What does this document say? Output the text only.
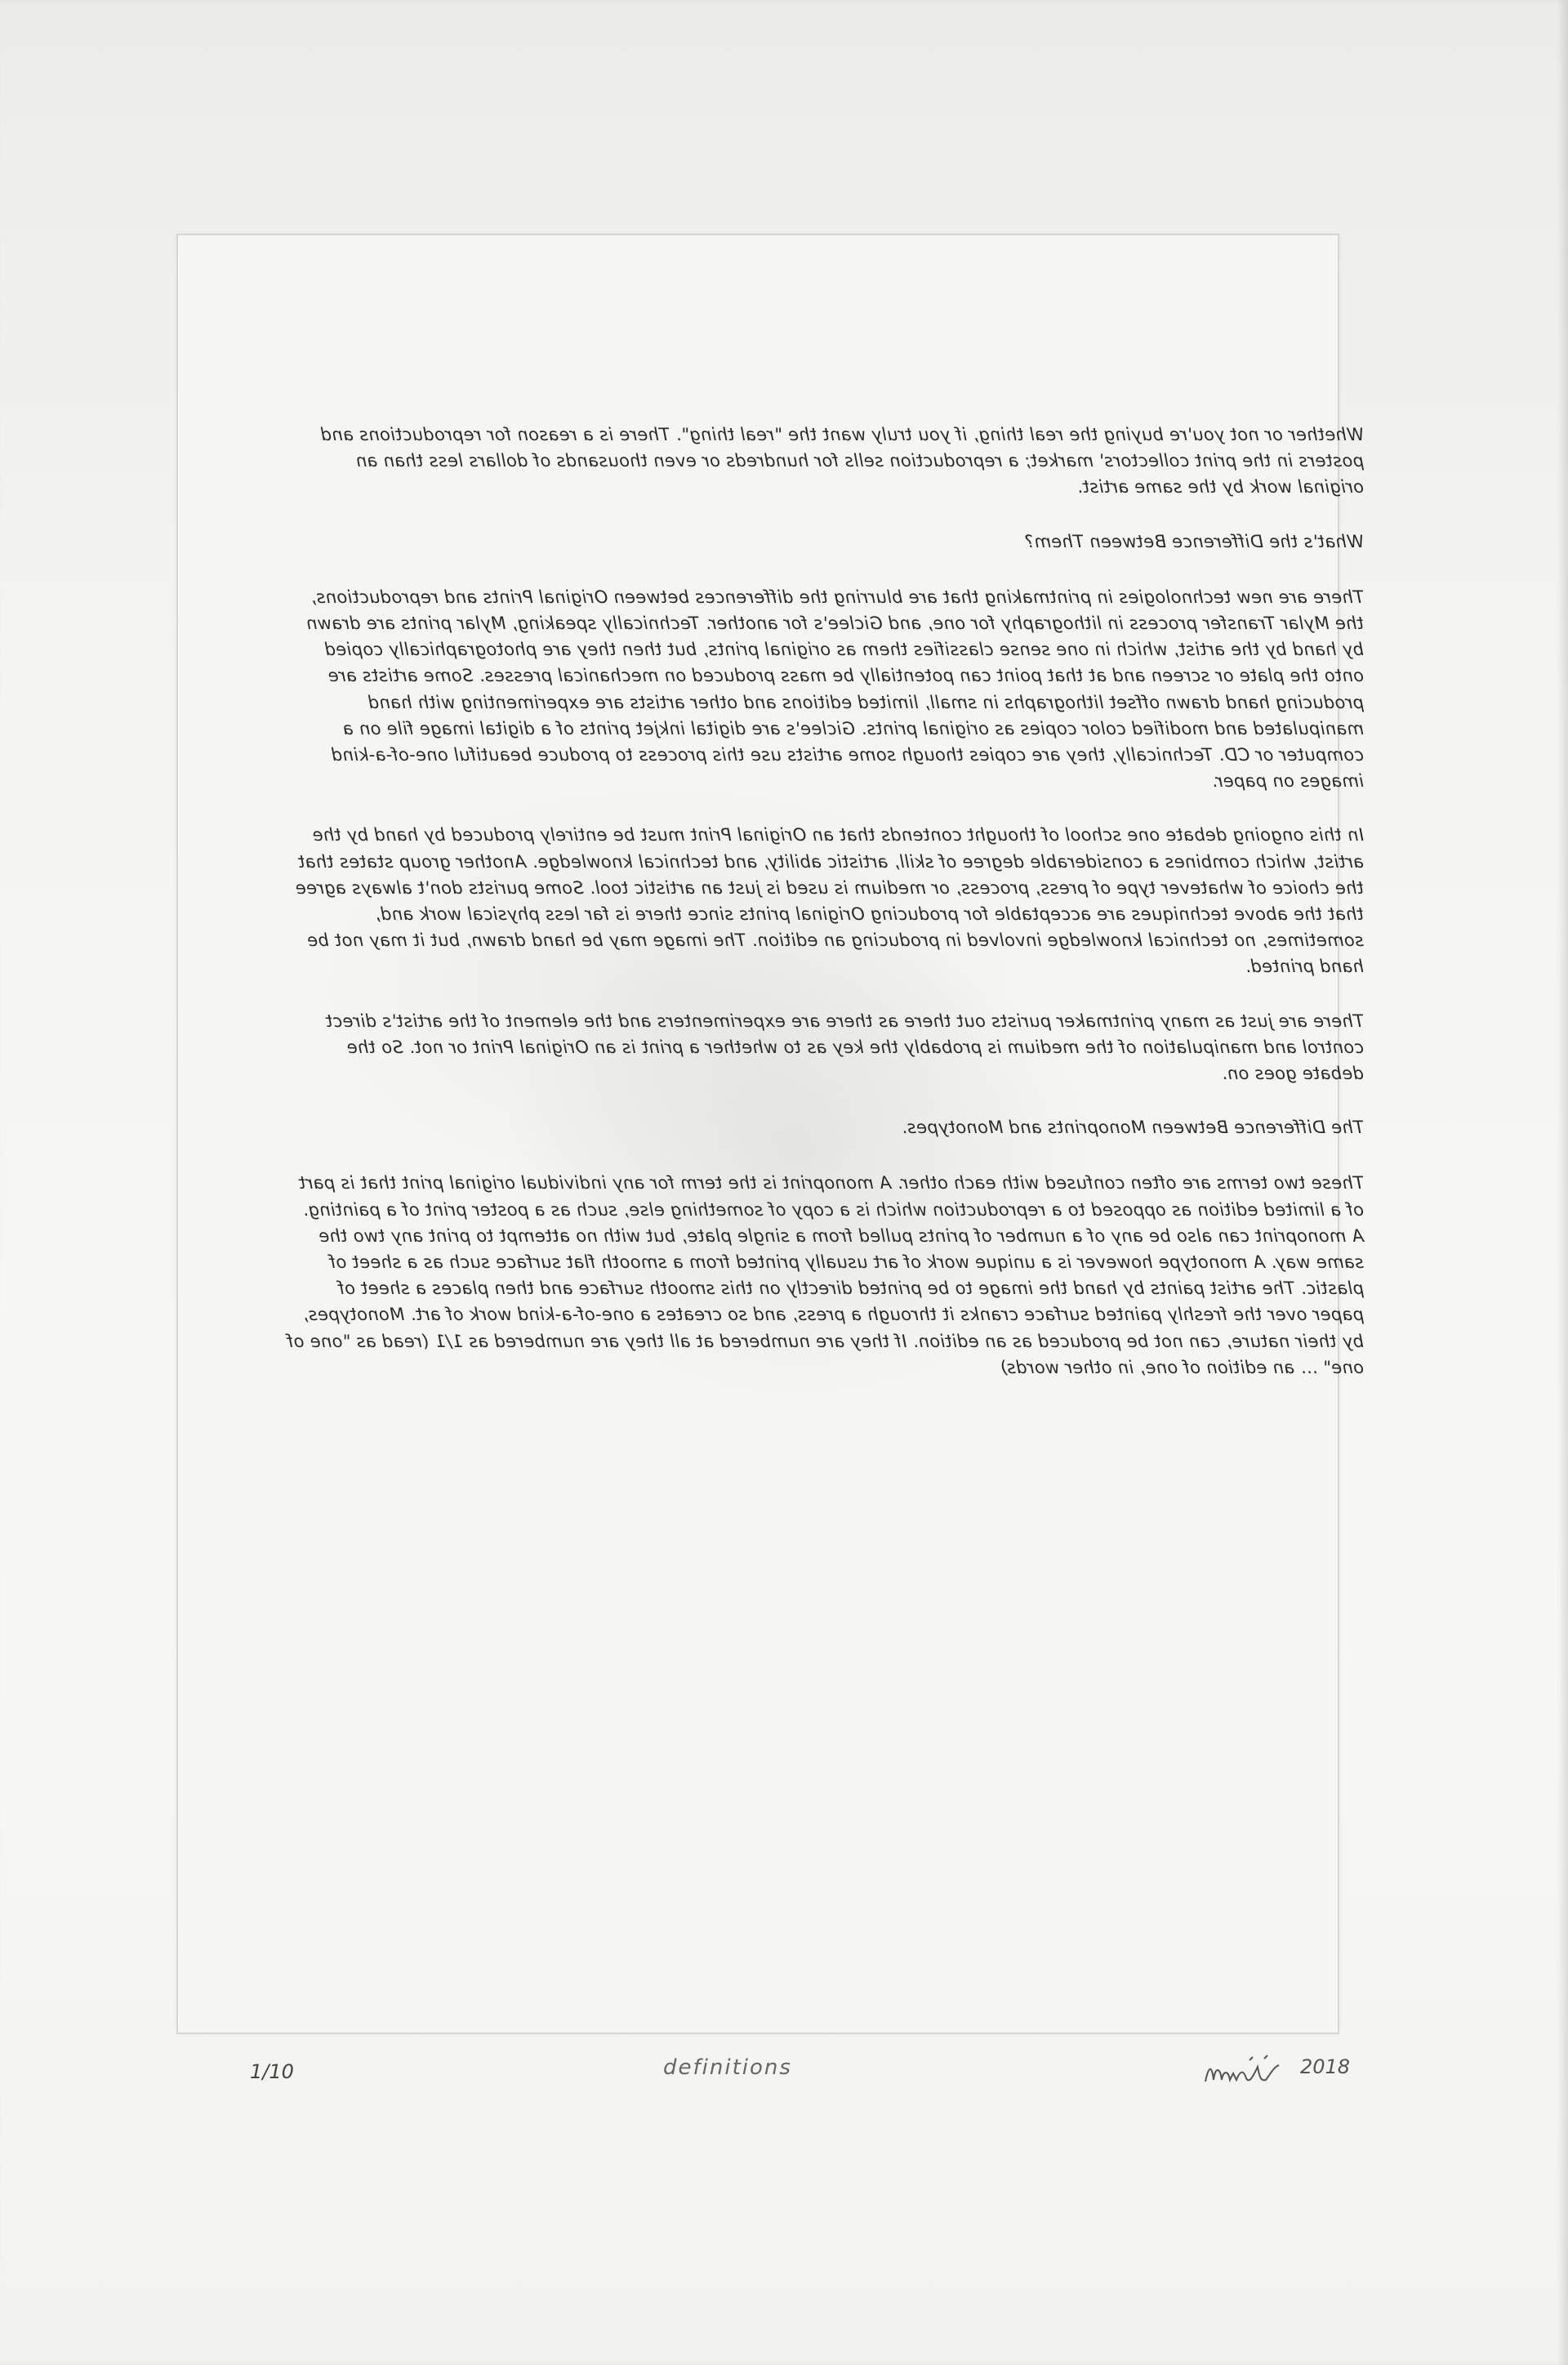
Whether or not you're buying the real thing, if you truly want the "real thing". There is a reason for reproductions and posters in the print collectors' market; a reproduction sells for hundreds or even thousands of dollars less than an original work by the same artist.

What's the Difference Between Them?

There are new technologies in printmaking that are blurring the differences between Original Prints and reproductions, the Mylar Transfer process in lithography for one, and Giclee's for another. Technically speaking, Mylar prints are drawn by hand by the artist, which in one sense classifies them as original prints, but then they are photographically copied onto the plate or screen and at that point can potentially be mass produced on mechanical presses. Some artists are producing hand drawn offset lithographs in small, limited editions and other artists are experimenting with hand manipulated and modified color copies as original prints. Giclee's are digital inkjet prints of a digital image file on a computer or CD. Technically, they are copies though some artists use this process to produce beautiful one-of-a-kind images on paper.

In this ongoing debate one school of thought contends that an Original Print must be entirely produced by hand by the artist, which combines a considerable degree of skill, artistic ability, and technical knowledge. Another group states that the choice of whatever type of press, process, or medium is used is just an artistic tool. Some purists don't always agree that the above techniques are acceptable for producing Original prints since there is far less physical work and, sometimes, no technical knowledge involved in producing an edition. The image may be hand drawn, but it may not be hand printed.

There are just as many printmaker purists out there as there are experimenters and the element of the artist's direct control and manipulation of the medium is probably the key as to whether a print is an Original Print or not. So the debate goes on.

The Difference Between Monoprints and Monotypes.

These two terms are often confused with each other. A monoprint is the term for any individual original print that is part of a limited edition as opposed to a reproduction which is a copy of something else, such as a poster print of a painting. A monoprint can also be any of a number of prints pulled from a single plate, but with no attempt to print any two the same way. A monotype however is a unique work of art usually printed from a smooth flat surface such as a sheet of plastic. The artist paints by hand the image to be printed directly on this smooth surface and then places a sheet of paper over the freshly painted surface cranks it through a press, and so creates a one-of-a-kind work of art. Monotypes, by their nature, can not be produced as an edition. If they are numbered at all they are numbered as 1/1 (read as "one of one" ... an edition of one, in other words)

1/10	definitions	2018
